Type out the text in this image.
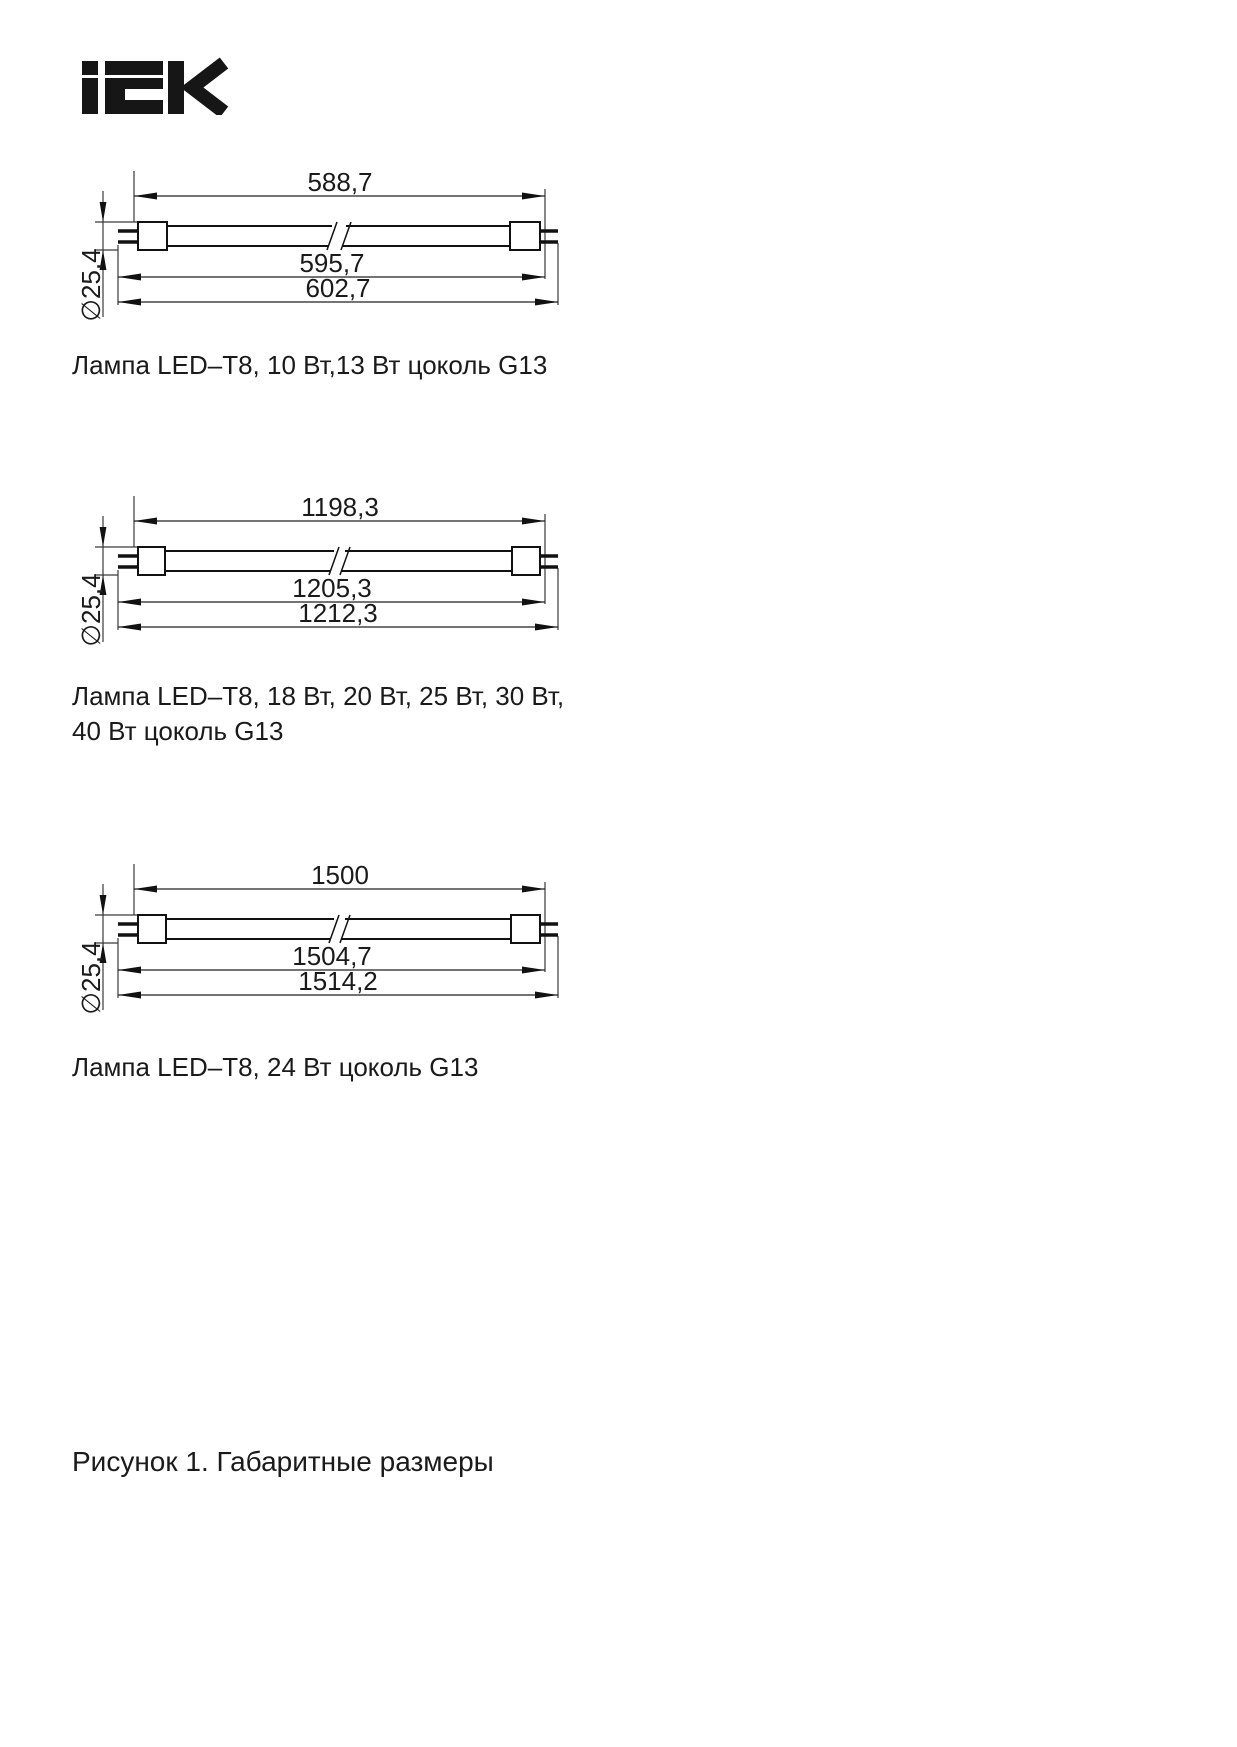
588,7
595,7
602,7
∅25,4
Лампа LED–T8, 10 Вт,13 Вт цоколь G13
1198,3
1205,3
1212,3
∅25,4
Лампа LED–T8, 18 Вт, 20 Вт, 25 Вт, 30 Вт,
40 Вт цоколь G13
1500
1504,7
1514,2
∅25,4
Лампа LED–T8, 24 Вт цоколь G13
Рисунок 1. Габаритные размеры
